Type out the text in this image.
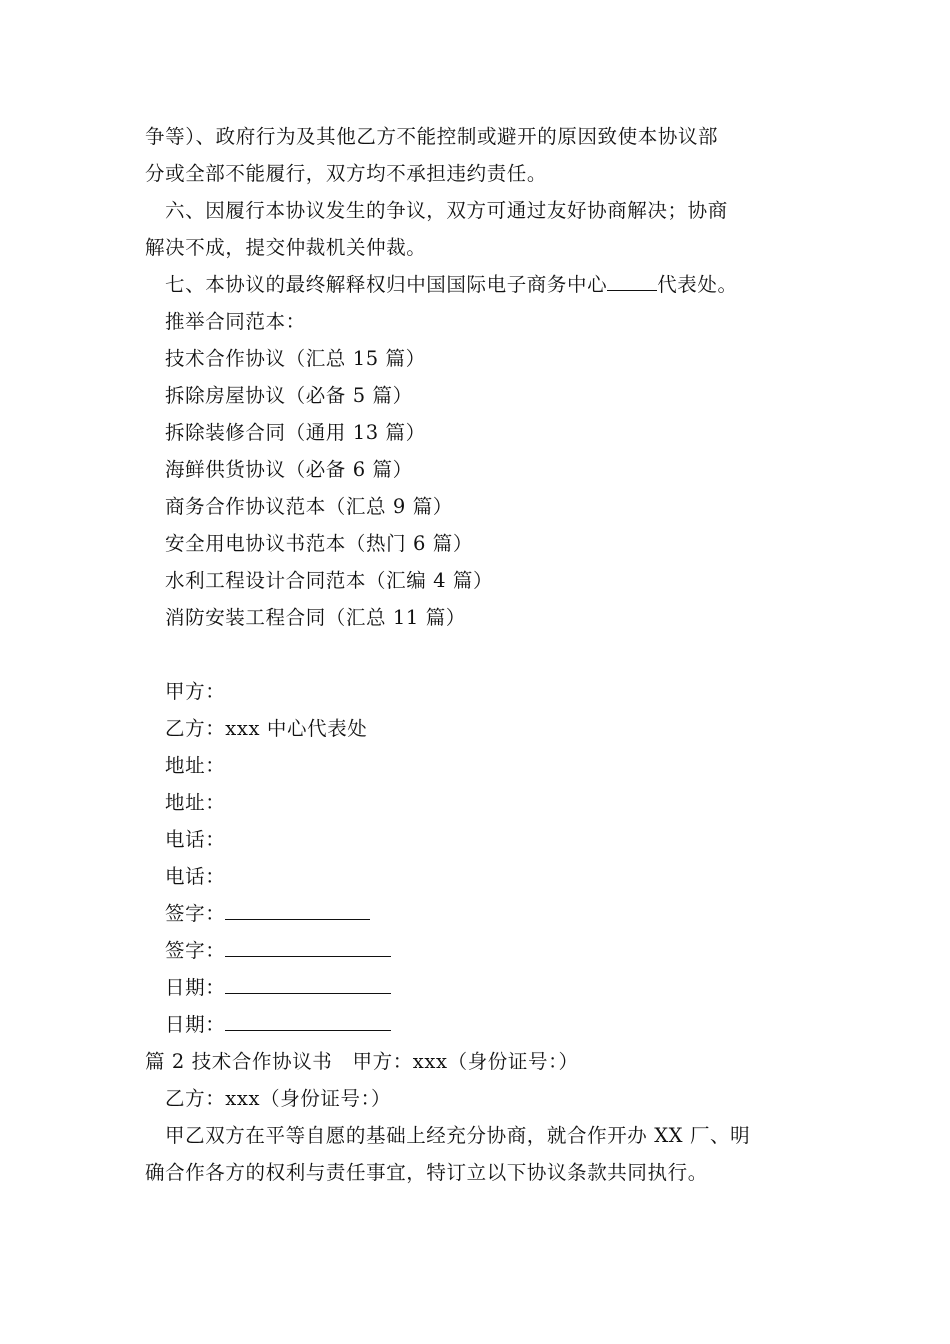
争等）、政府行为及其他乙方不能控制或避开的原因致使本协议部
分或全部不能履行，双方均不承担违约责任。
六、因履行本协议发生的争议，双方可通过友好协商解决；协商
解决不成，提交仲裁机关仲裁。
七、本协议的最终解释权归中国国际电子商务中心	代表处。
推举合同范本：
技术合作协议（汇总 15 篇）
拆除房屋协议（必备 5 篇）
拆除装修合同（通用 13 篇）
海鲜供货协议（必备 6 篇）
商务合作协议范本（汇总 9 篇）
安全用电协议书范本（热门 6 篇）
水利工程设计合同范本（汇编 4 篇）
消防安装工程合同（汇总 11 篇）
甲方：
乙方：xxx 中心代表处
地址：
地址：
电话：
电话：
签字：
签字：
日期：
日期：
篇 2 技术合作协议书　甲方：xxx（身份证号：）
乙方：xxx（身份证号：）
甲乙双方在平等自愿的基础上经充分协商，就合作开办 XX 厂、明
确合作各方的权利与责任事宜，特订立以下协议条款共同执行。
